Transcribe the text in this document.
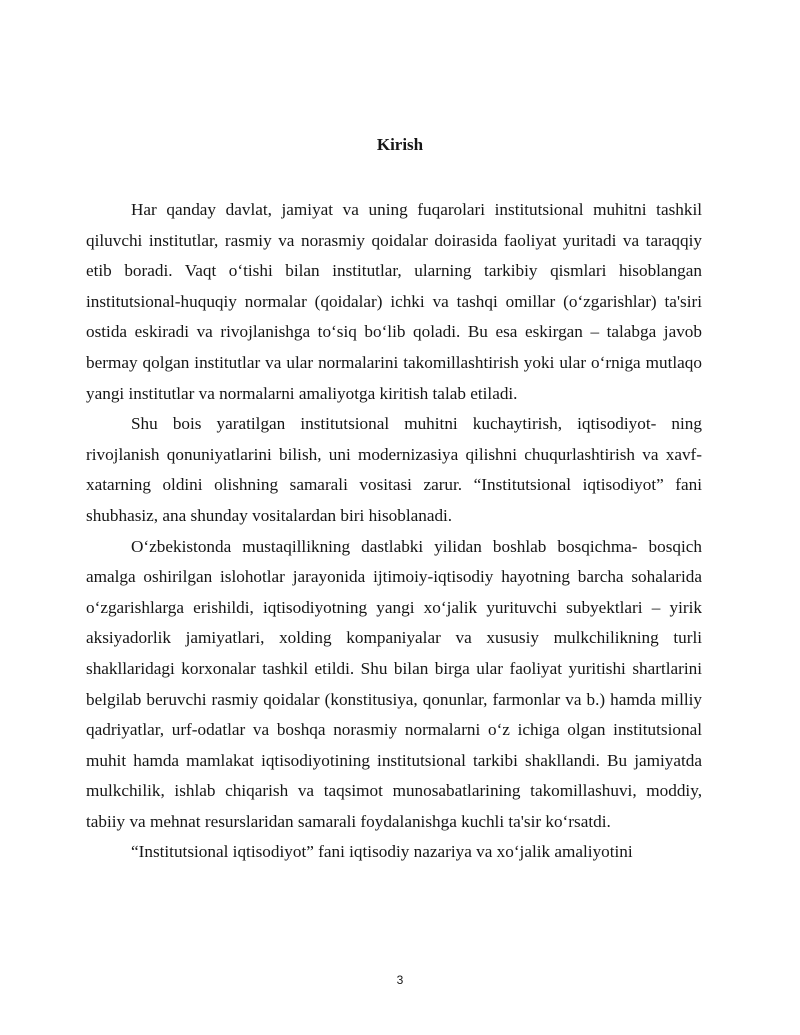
Kirish

Har qanday davlat, jamiyat va uning fuqarolari institutsional muhitni tashkil qiluvchi institutlar, rasmiy va norasmiy qoidalar doirasida faoliyat yuritadi va taraqqiy etib boradi. Vaqt o‘tishi bilan institutlar, ularning tarkibiy qismlari hisoblangan institutsional-huquqiy normalar (qoidalar) ichki va tashqi omillar (o‘zgarishlar) ta'siri ostida eskiradi va rivojlanishga to‘siq bo‘lib qoladi. Bu esa eskirgan – talabga javob bermay qolgan institutlar va ular normalarini takomillashtirish yoki ular o‘rniga mutlaqo yangi institutlar va normalarni amaliyotga kiritish talab etiladi.

Shu bois yaratilgan institutsional muhitni kuchaytirish, iqtisodiyot- ning rivojlanish qonuniyatlarini bilish, uni modernizasiya qilishni chuqurlashtirish va xavf-xatarning oldini olishning samarali vositasi zarur. “Institutsional iqtisodiyot” fani shubhasiz, ana shunday vositalardan biri hisoblanadi.

O‘zbekistonda mustaqillikning dastlabki yilidan boshlab bosqichma- bosqich amalga oshirilgan islohotlar jarayonida ijtimoiy-iqtisodiy hayotning barcha sohalarida o‘zgarishlarga erishildi, iqtisodiyotning yangi xo‘jalik yurituvchi subyektlari – yirik aksiyadorlik jamiyatlari, xolding kompaniyalar va xususiy mulkchilikning turli shakllaridagi korxonalar tashkil etildi. Shu bilan birga ular faoliyat yuritishi shartlarini belgilab beruvchi rasmiy qoidalar (konstitusiya, qonunlar, farmonlar va b.) hamda milliy qadriyatlar, urf-odatlar va boshqa norasmiy normalarni o‘z ichiga olgan institutsional muhit hamda mamlakat iqtisodiyotining institutsional tarkibi shakllandi. Bu jamiyatda mulkchilik, ishlab chiqarish va taqsimot munosabatlarining takomillashuvi, moddiy, tabiiy va mehnat resurslaridan samarali foydalanishga kuchli ta'sir ko‘rsatdi.

“Institutsional iqtisodiyot” fani iqtisodiy nazariya va xo‘jalik amaliyotini

3
